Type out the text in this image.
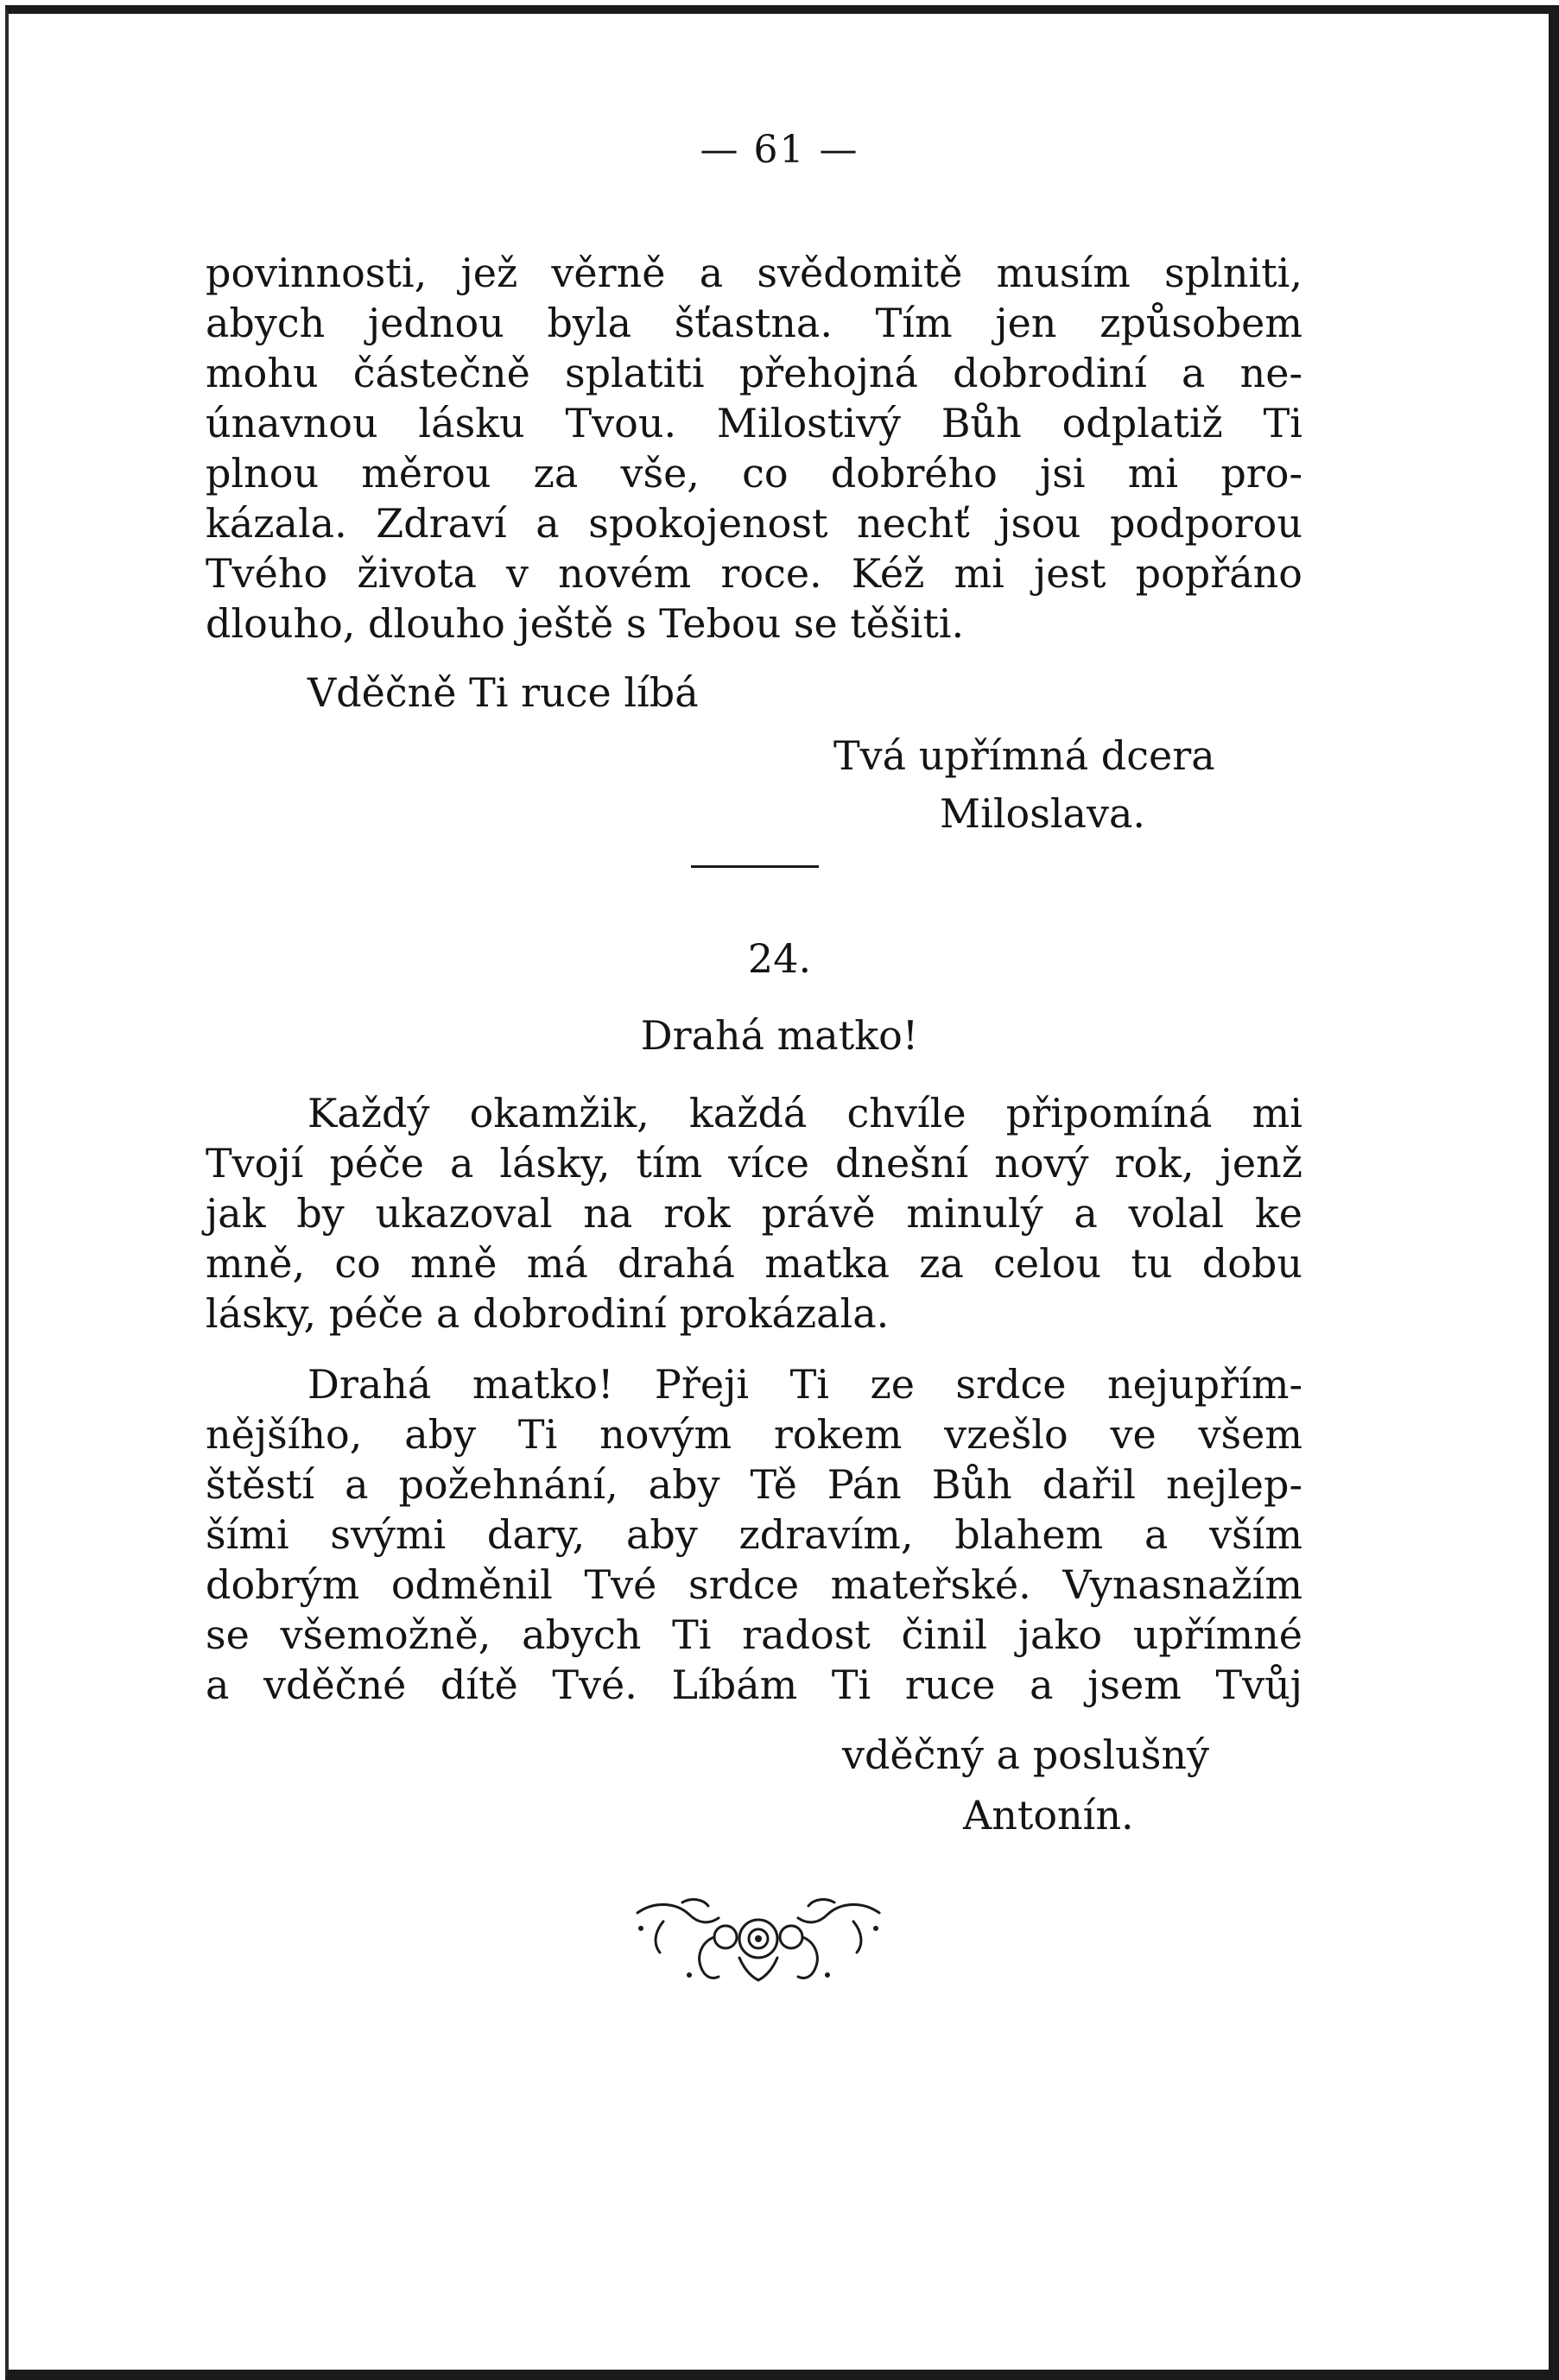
— 61 —
povinnosti, jež věrně a svědomitě musím splniti,
abych jednou byla šťastna. Tím jen způsobem
mohu částečně splatiti přehojná dobrodiní a ne-
únavnou lásku Tvou. Milostivý Bůh odplatiž Ti
plnou měrou za vše, co dobrého jsi mi pro-
kázala. Zdraví a spokojenost nechť jsou podporou
Tvého života v novém roce. Kéž mi jest popřáno
dlouho, dlouho ještě s Tebou se těšiti.
Vděčně Ti ruce líbá
Tvá upřímná dcera
Miloslava.
24.
Drahá matko!
Každý okamžik, každá chvíle připomíná mi
Tvojí péče a lásky, tím více dnešní nový rok, jenž
jak by ukazoval na rok právě minulý a volal ke
mně, co mně má drahá matka za celou tu dobu
lásky, péče a dobrodiní prokázala.
Drahá matko! Přeji Ti ze srdce nejupřím-
nějšího, aby Ti novým rokem vzešlo ve všem
štěstí a požehnání, aby Tě Pán Bůh dařil nejlep-
šími svými dary, aby zdravím, blahem a vším
dobrým odměnil Tvé srdce mateřské. Vynasnažím
se všemožně, abych Ti radost činil jako upřímné
a vděčné dítě Tvé. Líbám Ti ruce a jsem Tvůj
vděčný a poslušný
Antonín.
